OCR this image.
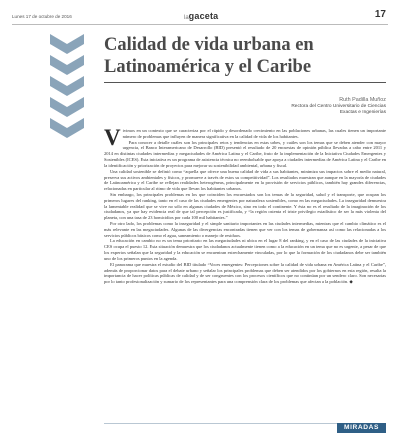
Lunes 17 de octubre de 2016	lagaceta	17
Calidad de vida urbana en
Latinoamérica y el Caribe
Ruth Padilla Muñoz
Rectora del Centro Universitario de Ciencias
Exactas e Ingenierías

Vivimos en un contexto que se caracteriza por el rápido y desordenado crecimiento en las poblaciones urbanas, las cuales tienen un importante número de problemas que influyen de manera significativa en la calidad de vida de los habitantes.

Para conocer a detalle cuáles son los principales retos y tendencias en estas urbes, y cuáles son los temas que se deben atender con mayor urgencia, el Banco Interamericano de Desarrollo (BID) presentó el resultado de 20 encuestas de opinión pública llevadas a cabo entre 2011 y 2014 en distintas ciudades intermedias y megaciudades de América Latina y el Caribe, fruto de la implementación de la Iniciativa Ciudades Emergentes y Sostenibles (ICES). Esta iniciativa es un programa de asistencia técnica no reembolsable que apoya a ciudades intermedias de América Latina y el Caribe en la identificación y priorización de proyectos para mejorar su sostenibilidad ambiental, urbana y fiscal.

Una calidad sostenible se definió como “aquella que ofrece una buena calidad de vida a sus habitantes, minimiza sus impactos sobre el medio natural, preserva sus activos ambientales y físicos, y promueve a través de estos su competitividad”. Los resultados muestran que aunque en la mayoría de ciudades de Latinoamérica y el Caribe se reflejan realidades heterogéneas, principalmente en la provisión de servicios públicos, también hay grandes diferencias, relacionadas en particular al ritmo de vida que llevan los habitantes urbanos.

Sin embargo, los principales problemas en los que coinciden los encuestados son los temas de la seguridad, salud y el transporte, que ocupan los primeros lugares del ranking, tanto en el caso de las ciudades emergentes por naturaleza sostenibles, como en las megaciudades. La inseguridad demuestra la lamentable realidad que se vive no sólo en algunas ciudades de México, sino en todo el continente. Y ésta no es el resultado de la imaginación de los ciudadanos, ya que hay evidencia real de que tal percepción es justificada, y “la región ostenta el triste privilegio estadístico de ser la más violenta del planeta, con una tasa de 23 homicidios por cada 100 mil habitantes.”

Por otro lado, los problemas como la inseguridad y el simple sanitario importantes en las ciudades intermedias, mientras que el cambio climático es el más relevante en las megaciudades. Algunas de las divergencias encontradas tienen que ver con los temas de gobernanza así como las relacionadas a los servicios públicos básicos como el agua, saneamiento o manejo de residuos.

La educación en cambio no es un tema prioritario en las megaciudades ni ubica en el lugar 8 del ranking, y en el caso de las ciudades de la iniciativa CES ocupa el puesto 12. Esta situación demuestra que los ciudadanos actualmente tienen como a la educación en un tema que no es urgente, a pesar de que los expertos señalan que la seguridad y la educación se encuentran estrechamente vinculadas, por lo que la formación de los ciudadanos debe ser también uno de los primeros puntos en la agenda.

El panorama que muestra el estudio del BID titulado “Voces emergentes: Percepciones sobre la calidad de vida urbana en América Latina y el Caribe”, además de proporcionar datos para el debate urbano y señalar los principales problemas que deben ser atendidos por los gobiernos en esta región, resalta la importancia de hacer políticas públicas de calidad y de ser congruentes con los procesos científicos que no continúan por un sendero claro. Son necesarias por lo tanto profesionalización y sumario de los representantes para una comprensión clara de los problemas que afectan a la población. ◆

MIRADAS
